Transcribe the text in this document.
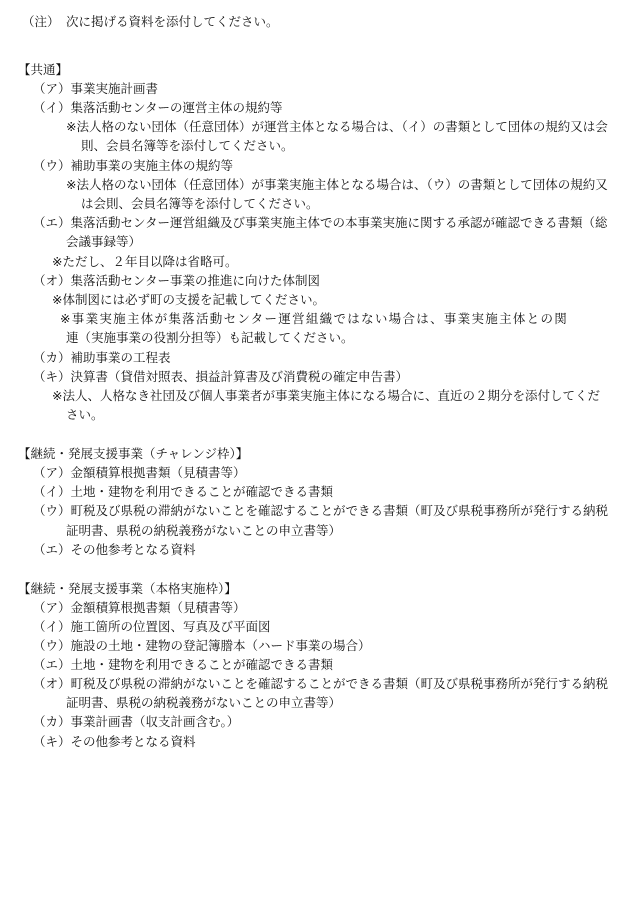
（注） 次に掲げる資料を添付してください。
【共通】
（ア）事業実施計画書
（イ）集落活動センターの運営主体の規約等
※法人格のない団体（任意団体）が運営主体となる場合は、（イ）の書類として団体の規約又は会
則、会員名簿等を添付してください。
（ウ）補助事業の実施主体の規約等
※法人格のない団体（任意団体）が事業実施主体となる場合は、（ウ）の書類として団体の規約又
は会則、会員名簿等を添付してください。
（エ）集落活動センター運営組織及び事業実施主体での本事業実施に関する承認が確認できる書類（総
会議事録等）
※ただし、２年目以降は省略可。
（オ）集落活動センター事業の推進に向けた体制図
※体制図には必ず町の支援を記載してください。
※事業実施主体が集落活動センター運営組織ではない場合は、事業実施主体との関
連（実施事業の役割分担等）も記載してください。
（カ）補助事業の工程表
（キ）決算書（貸借対照表、損益計算書及び消費税の確定申告書）
※法人、人格なき社団及び個人事業者が事業実施主体になる場合に、直近の２期分を添付してくだ
さい。
【継続・発展支援事業（チャレンジ枠）】
（ア）金額積算根拠書類（見積書等）
（イ）土地・建物を利用できることが確認できる書類
（ウ）町税及び県税の滞納がないことを確認することができる書類（町及び県税事務所が発行する納税
証明書、県税の納税義務がないことの申立書等）
（エ）その他参考となる資料
【継続・発展支援事業（本格実施枠）】
（ア）金額積算根拠書類（見積書等）
（イ）施工箇所の位置図、写真及び平面図
（ウ）施設の土地・建物の登記簿謄本（ハード事業の場合）
（エ）土地・建物を利用できることが確認できる書類
（オ）町税及び県税の滞納がないことを確認することができる書類（町及び県税事務所が発行する納税
証明書、県税の納税義務がないことの申立書等）
（カ）事業計画書（収支計画含む。）
（キ）その他参考となる資料
